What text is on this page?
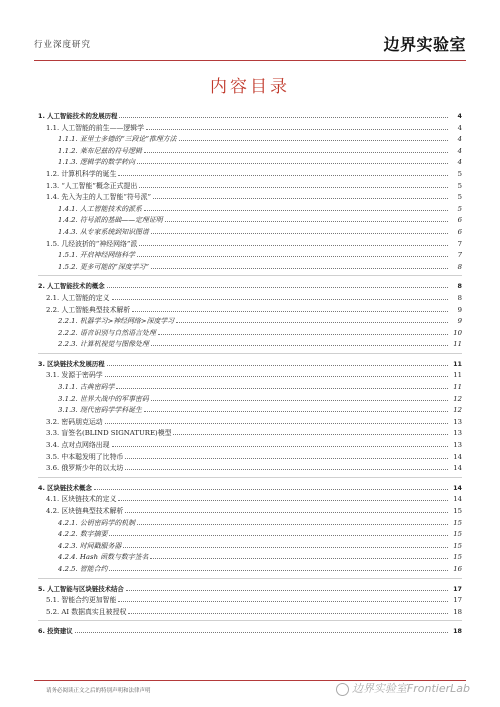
行业深度研究	边界实验室
内容目录
1. 人工智能技术的发展历程	4
1.1. 人工智能的前生——逻辑学	4
1.1.1. 亚里士多德的“三段论”推理方法	4
1.1.2. 莱布尼兹的符号逻辑	4
1.1.3. 逻辑学的数学转向	4
1.2. 计算机科学的诞生	5
1.3. “人工智能”概念正式提出	5
1.4. 先入为主的人工智能“符号派”	5
1.4.1. 人工智能技术的派系	5
1.4.2. 符号派的基础——定理证明	6
1.4.3. 从专家系统到知识图谱	6
1.5. 几经波折的“神经网络”派	7
1.5.1. 开启神经网络科学	7
1.5.2. 更多可能的“深度学习”	8
2. 人工智能技术的概念	8
2.1. 人工智能的定义	8
2.2. 人工智能典型技术解析	9
2.2.1. 机器学习>神经网络>深度学习	9
2.2.2. 语音识别与自然语言处理	10
2.2.3. 计算机视觉与图像处理	11
3. 区块链技术发展历程	11
3.1. 发源于密码学	11
3.1.1. 古典密码学	11
3.1.2. 世界大战中的军事密码	12
3.1.3. 现代密码学学科诞生	12
3.2. 密码朋克运动	13
3.3. 盲签名(BLIND SIGNATURE)模型	13
3.4. 点对点网络出现	13
3.5. 中本聪发明了比特币	14
3.6. 俄罗斯少年的以太坊	14
4. 区块链技术概念	14
4.1. 区块链技术的定义	14
4.2. 区块链典型技术解析	15
4.2.1. 公钥密码学的机制	15
4.2.2. 数字摘要	15
4.2.3. 时间戳服务器	15
4.2.4. Hash 函数与数字签名	15
4.2.5. 智能合约	16
5. 人工智能与区块链技术结合	17
5.1. 智能合约更加智能	17
5.2. AI 数据真实且被授权	18
6. 投资建议	18
请务必阅读正文之后的特别声明和法律声明	边界实验室FrontierLab
